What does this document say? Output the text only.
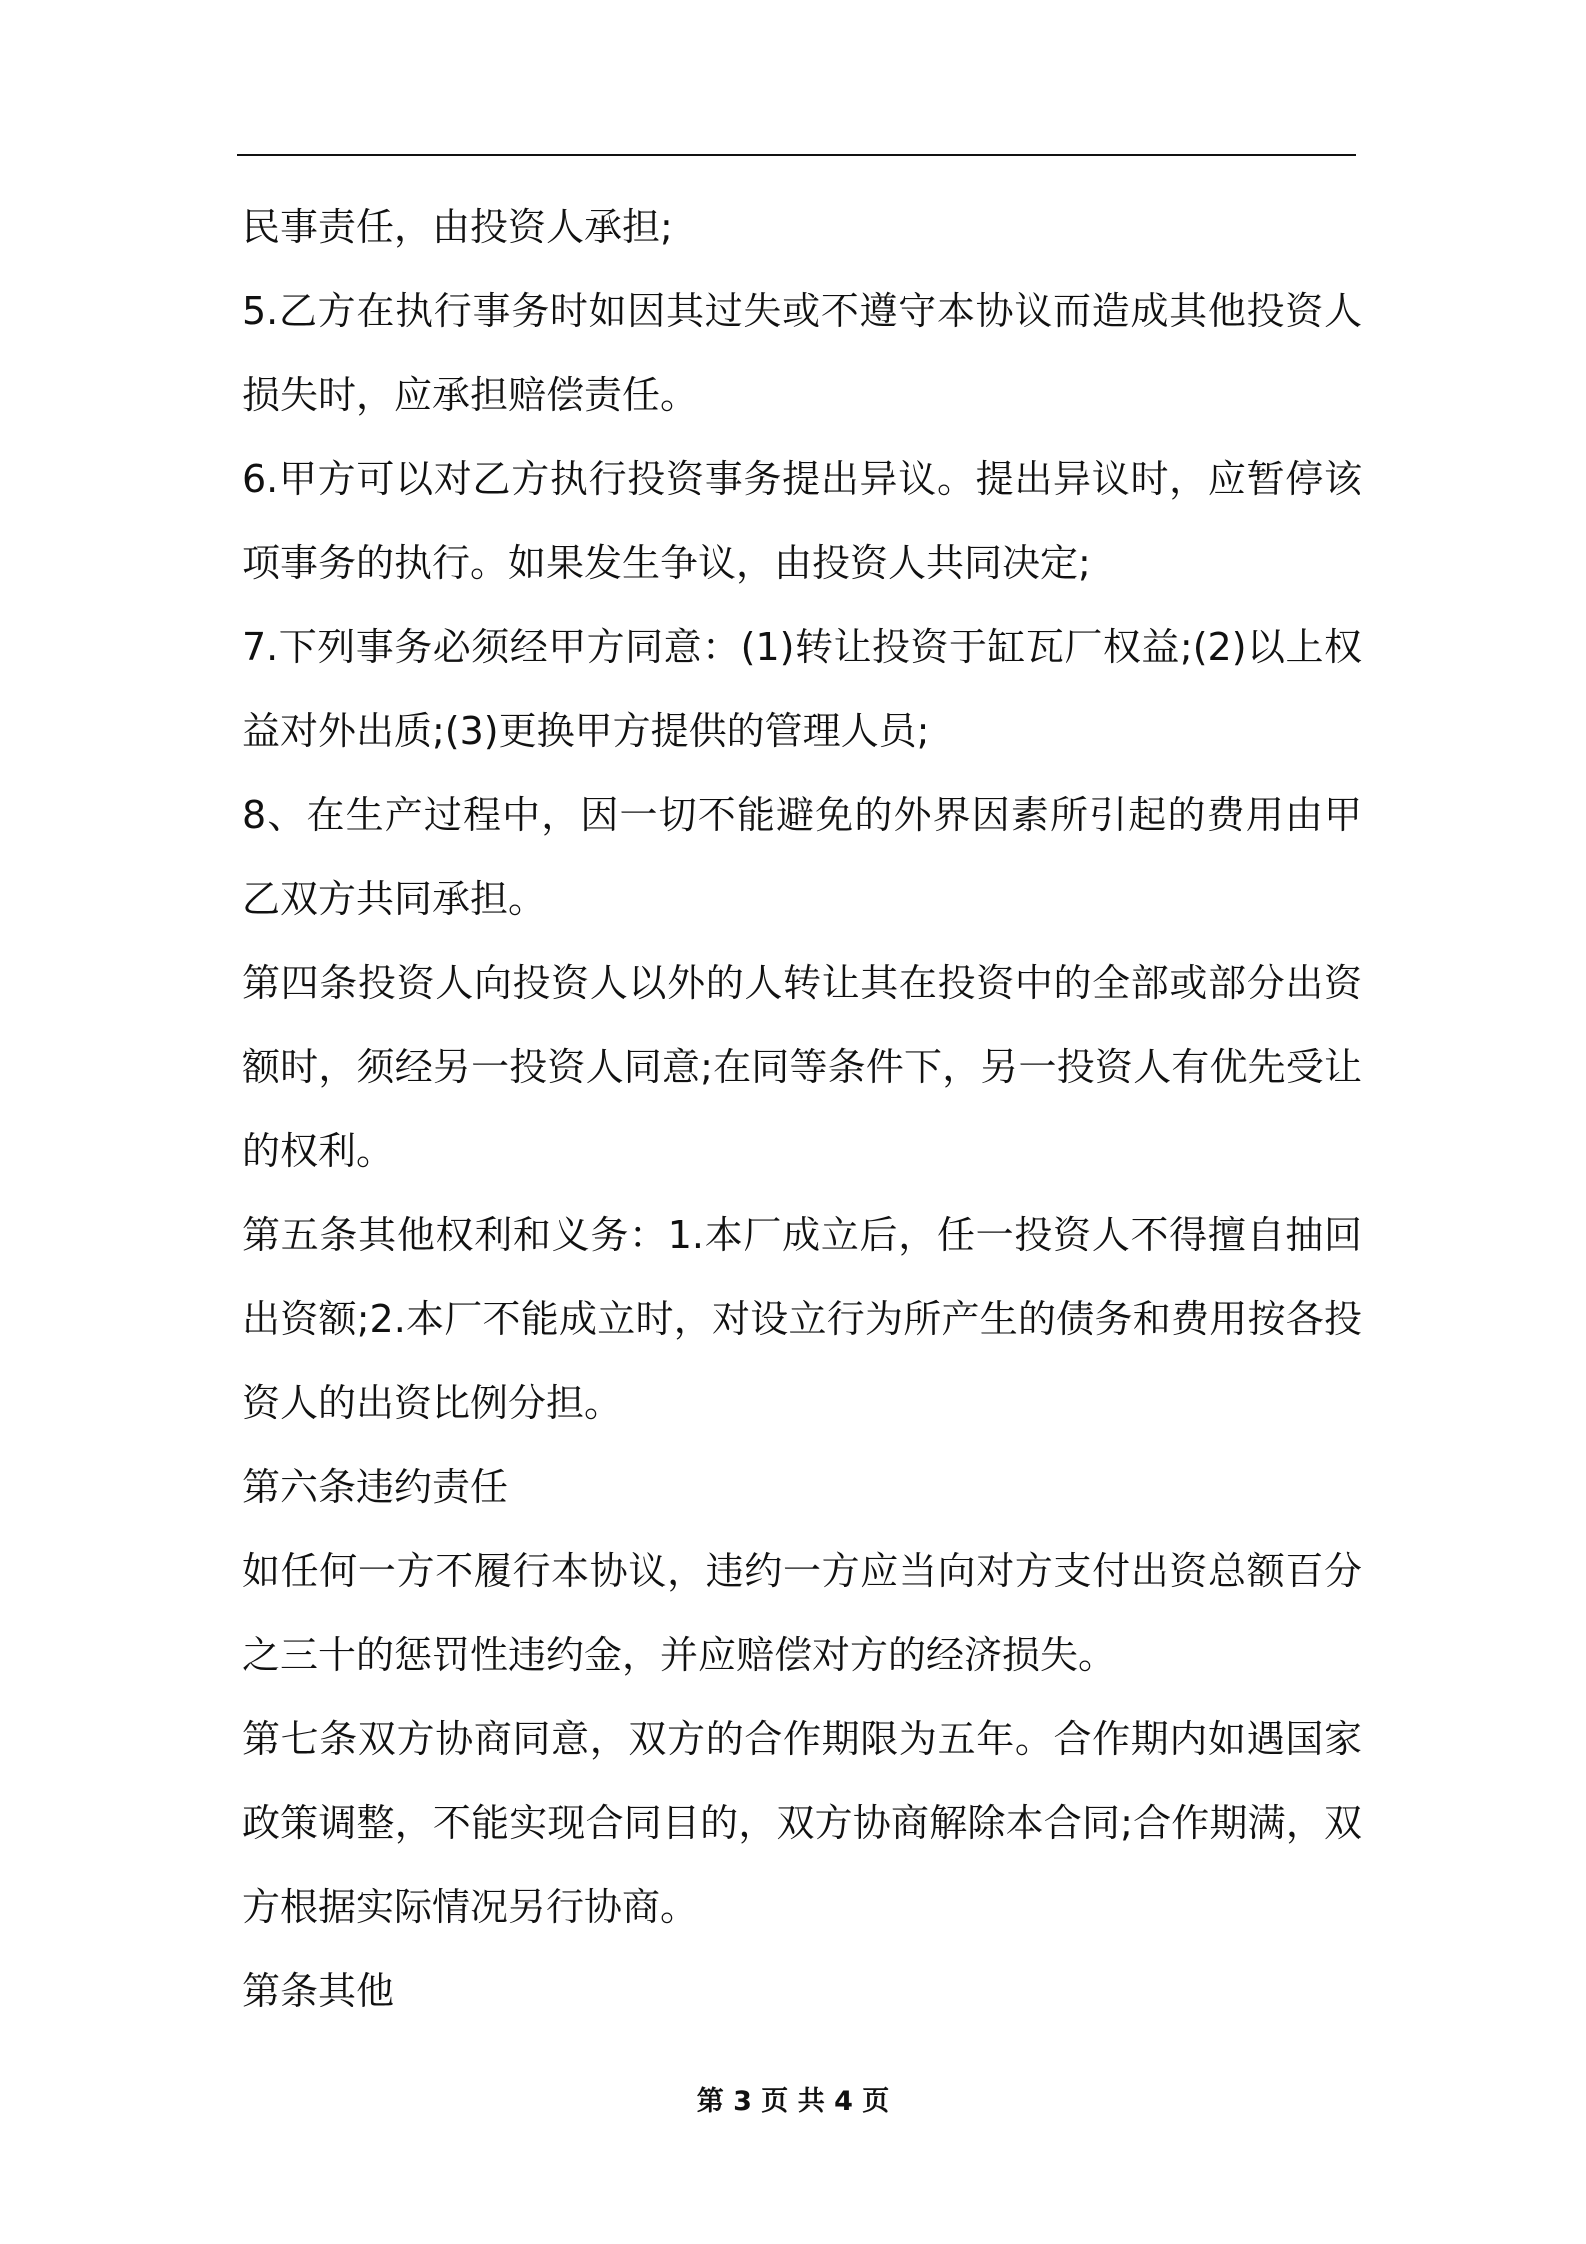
民事责任，由投资人承担;

5.乙方在执行事务时如因其过失或不遵守本协议而造成其他投资人损失时，应承担赔偿责任。

6.甲方可以对乙方执行投资事务提出异议。提出异议时，应暂停该项事务的执行。如果发生争议，由投资人共同决定;

7.下列事务必须经甲方同意：(1)转让投资于缸瓦厂权益;(2)以上权益对外出质;(3)更换甲方提供的管理人员;

8、在生产过程中，因一切不能避免的外界因素所引起的费用由甲乙双方共同承担。

第四条投资人向投资人以外的人转让其在投资中的全部或部分出资额时，须经另一投资人同意;在同等条件下，另一投资人有优先受让的权利。

第五条其他权利和义务：1.本厂成立后，任一投资人不得擅自抽回出资额;2.本厂不能成立时，对设立行为所产生的债务和费用按各投资人的出资比例分担。

第六条违约责任

如任何一方不履行本协议，违约一方应当向对方支付出资总额百分之三十的惩罚性违约金，并应赔偿对方的经济损失。

第七条双方协商同意，双方的合作期限为五年。合作期内如遇国家政策调整，不能实现合同目的，双方协商解除本合同;合作期满，双方根据实际情况另行协商。

第条其他

第 3 页 共 4 页
